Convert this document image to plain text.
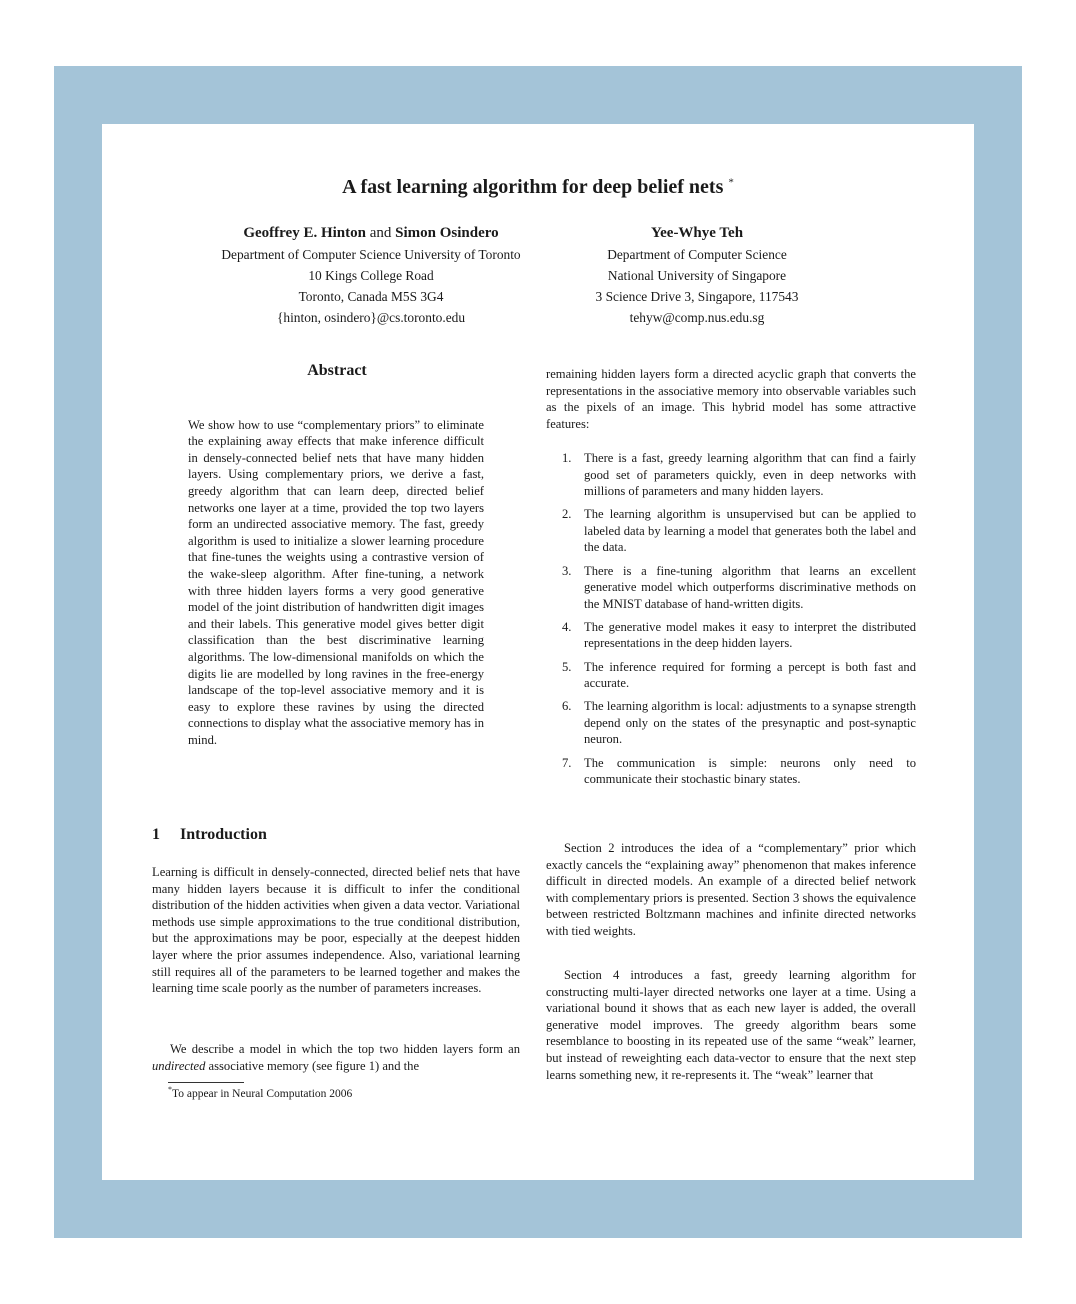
A fast learning algorithm for deep belief nets *
Geoffrey E. Hinton and Simon Osindero
Department of Computer Science University of Toronto
10 Kings College Road
Toronto, Canada M5S 3G4
{hinton, osindero}@cs.toronto.edu
Yee-Whye Teh
Department of Computer Science
National University of Singapore
3 Science Drive 3, Singapore, 117543
tehyw@comp.nus.edu.sg
Abstract

We show how to use “complementary priors” to eliminate the explaining away effects that make inference difficult in densely-connected belief nets that have many hidden layers. Using complementary priors, we derive a fast, greedy algorithm that can learn deep, directed belief networks one layer at a time, provided the top two layers form an undirected associative memory. The fast, greedy algorithm is used to initialize a slower learning procedure that fine-tunes the weights using a contrastive version of the wake-sleep algorithm. After fine-tuning, a network with three hidden layers forms a very good generative model of the joint distribution of handwritten digit images and their labels. This generative model gives better digit classification than the best discriminative learning algorithms. The low-dimensional manifolds on which the digits lie are modelled by long ravines in the free-energy landscape of the top-level associative memory and it is easy to explore these ravines by using the directed connections to display what the associative memory has in mind.

1 Introduction

Learning is difficult in densely-connected, directed belief nets that have many hidden layers because it is difficult to infer the conditional distribution of the hidden activities when given a data vector. Variational methods use simple approximations to the true conditional distribution, but the approximations may be poor, especially at the deepest hidden layer where the prior assumes independence. Also, variational learning still requires all of the parameters to be learned together and makes the learning time scale poorly as the number of parameters increases.

We describe a model in which the top two hidden layers form an undirected associative memory (see figure 1) and the

*To appear in Neural Computation 2006

remaining hidden layers form a directed acyclic graph that converts the representations in the associative memory into observable variables such as the pixels of an image. This hybrid model has some attractive features:

1. There is a fast, greedy learning algorithm that can find a fairly good set of parameters quickly, even in deep networks with millions of parameters and many hidden layers.
2. The learning algorithm is unsupervised but can be applied to labeled data by learning a model that generates both the label and the data.
3. There is a fine-tuning algorithm that learns an excellent generative model which outperforms discriminative methods on the MNIST database of hand-written digits.
4. The generative model makes it easy to interpret the distributed representations in the deep hidden layers.
5. The inference required for forming a percept is both fast and accurate.
6. The learning algorithm is local: adjustments to a synapse strength depend only on the states of the presynaptic and post-synaptic neuron.
7. The communication is simple: neurons only need to communicate their stochastic binary states.

Section 2 introduces the idea of a “complementary” prior which exactly cancels the “explaining away” phenomenon that makes inference difficult in directed models. An example of a directed belief network with complementary priors is presented. Section 3 shows the equivalence between restricted Boltzmann machines and infinite directed networks with tied weights.

Section 4 introduces a fast, greedy learning algorithm for constructing multi-layer directed networks one layer at a time. Using a variational bound it shows that as each new layer is added, the overall generative model improves. The greedy algorithm bears some resemblance to boosting in its repeated use of the same “weak” learner, but instead of reweighting each data-vector to ensure that the next step learns something new, it re-represents it. The “weak” learner that
